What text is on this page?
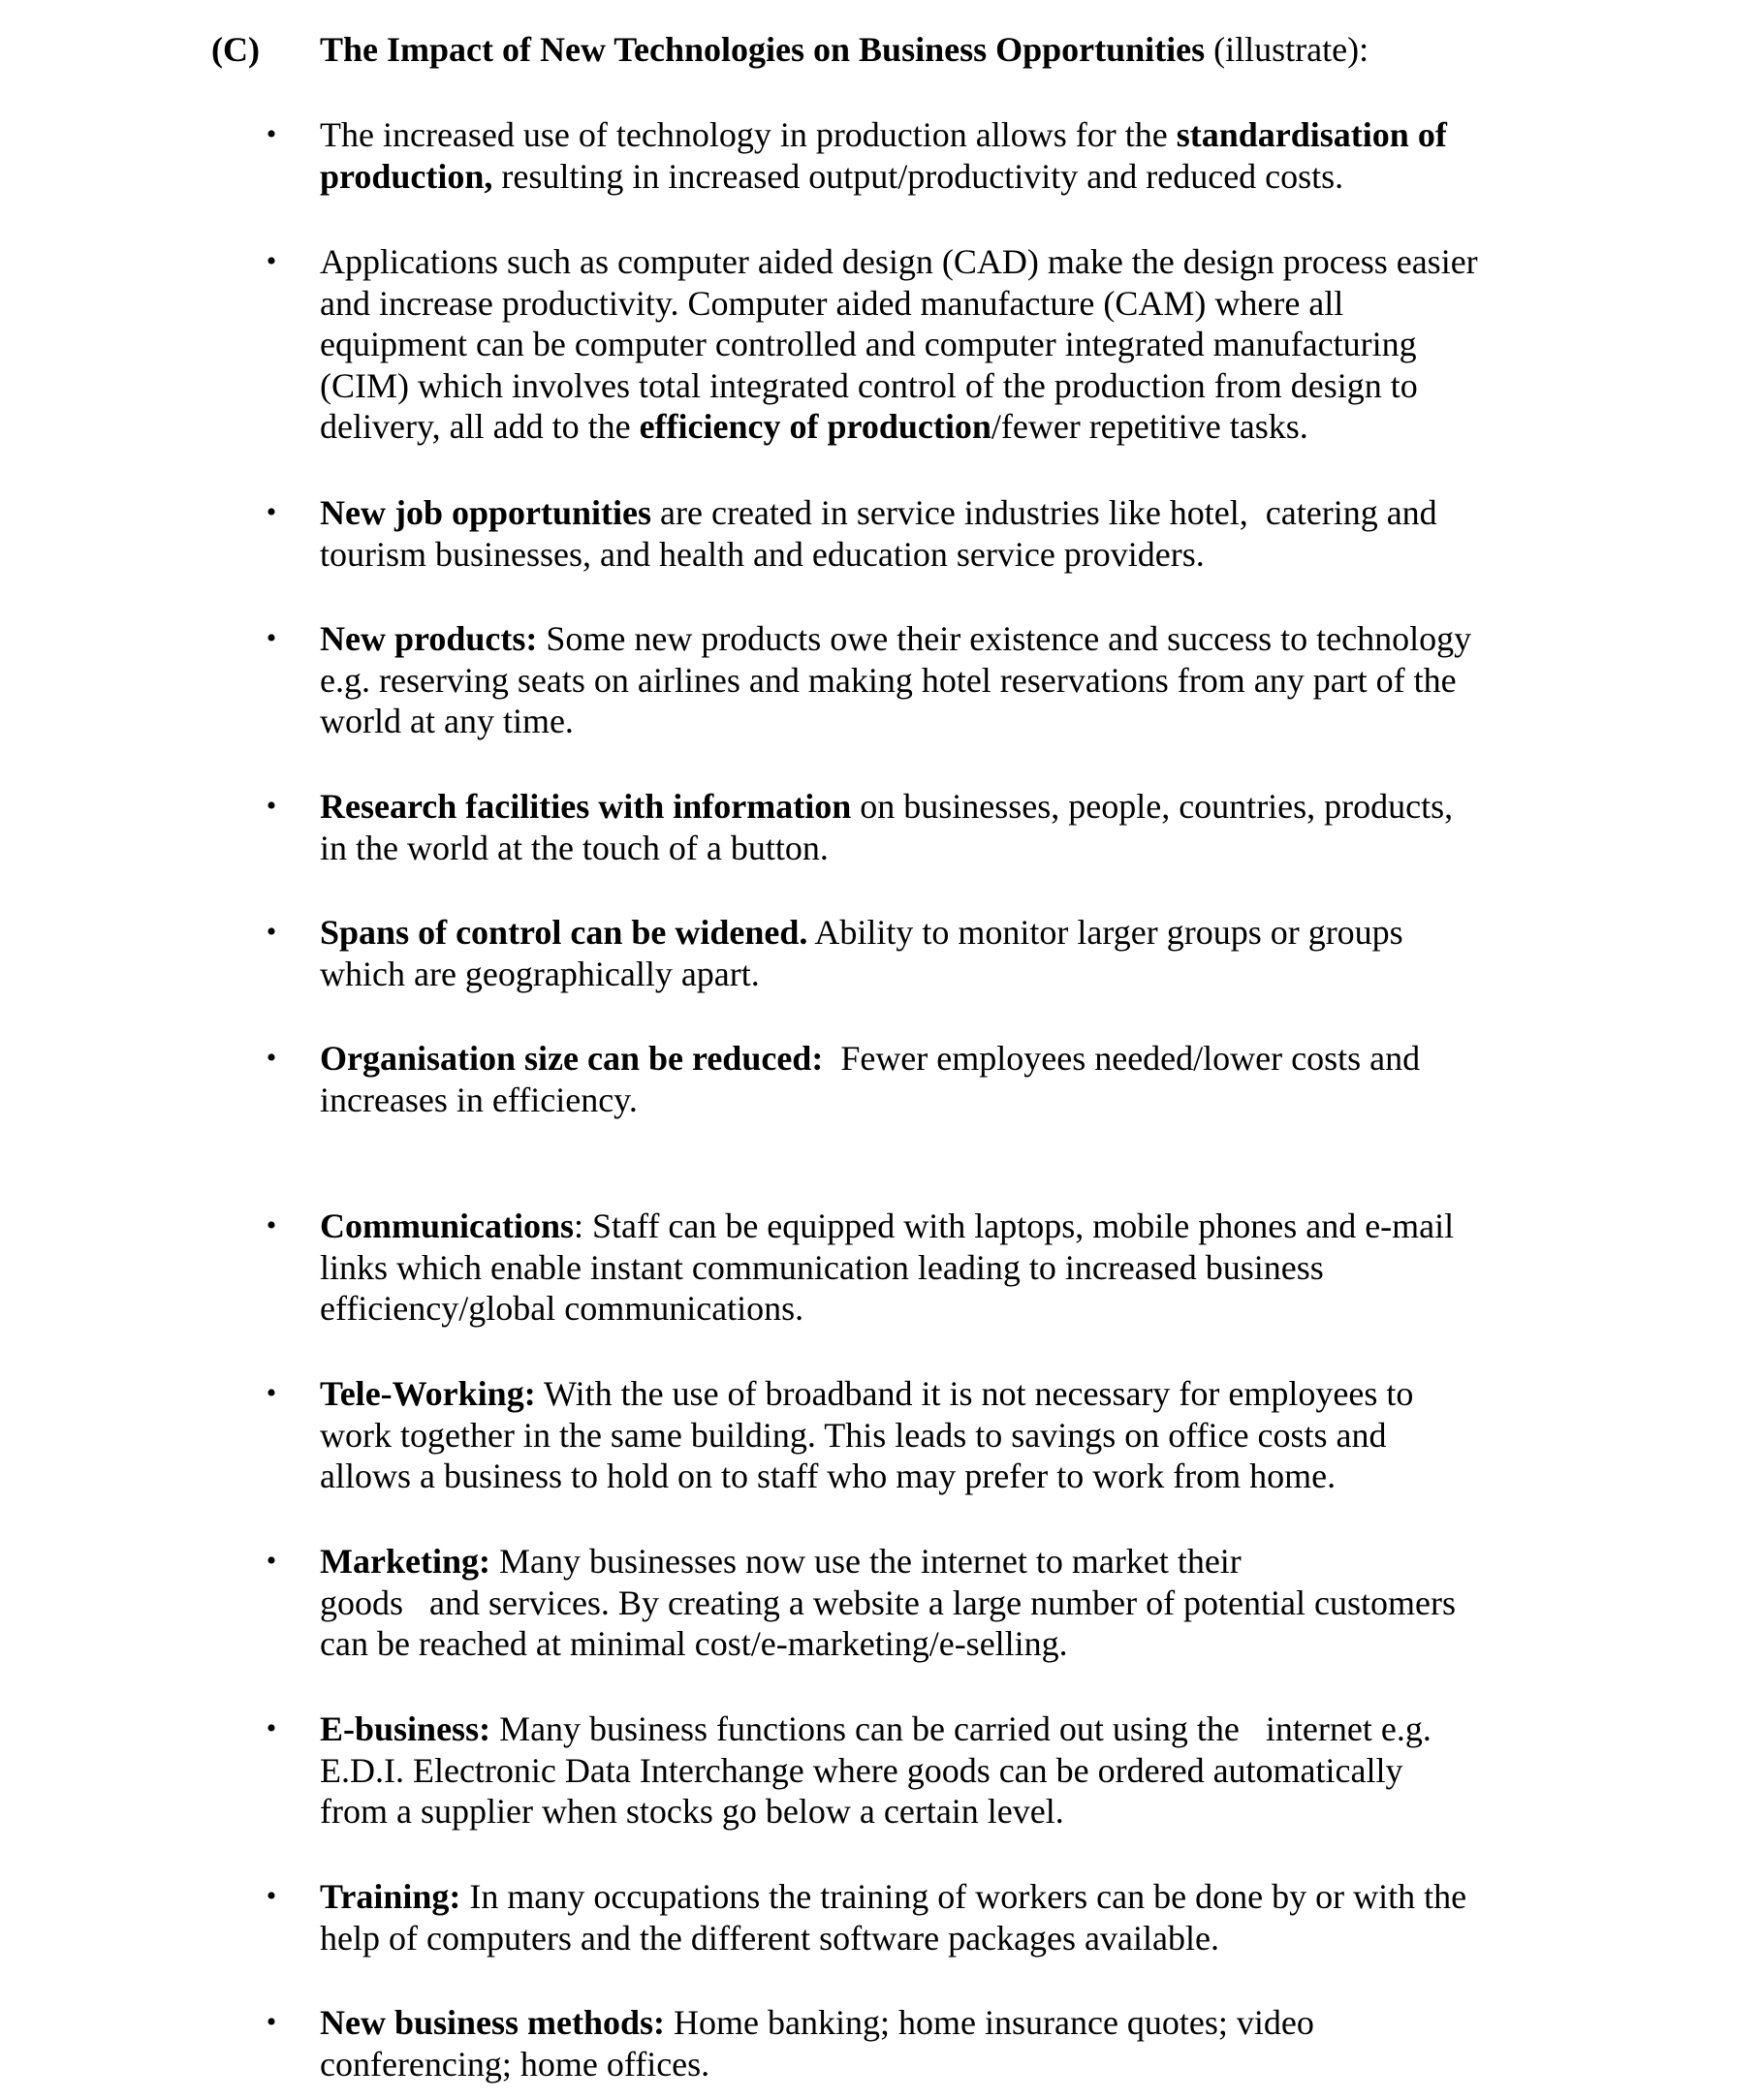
(C) The Impact of New Technologies on Business Opportunities (illustrate):
• The increased use of technology in production allows for the standardisation of
production, resulting in increased output/productivity and reduced costs.
• Applications such as computer aided design (CAD) make the design process easier
and increase productivity. Computer aided manufacture (CAM) where all
equipment can be computer controlled and computer integrated manufacturing
(CIM) which involves total integrated control of the production from design to
delivery, all add to the efficiency of production/fewer repetitive tasks.
• New job opportunities are created in service industries like hotel,  catering and
tourism businesses, and health and education service providers.
• New products: Some new products owe their existence and success to technology
e.g. reserving seats on airlines and making hotel reservations from any part of the
world at any time.
• Research facilities with information on businesses, people, countries, products,
in the world at the touch of a button.
• Spans of control can be widened. Ability to monitor larger groups or groups
which are geographically apart.
• Organisation size can be reduced:  Fewer employees needed/lower costs and
increases in efficiency.
• Communications: Staff can be equipped with laptops, mobile phones and e-mail
links which enable instant communication leading to increased business
efficiency/global communications.
• Tele-Working: With the use of broadband it is not necessary for employees to
work together in the same building. This leads to savings on office costs and
allows a business to hold on to staff who may prefer to work from home.
• Marketing: Many businesses now use the internet to market their
goods   and services. By creating a website a large number of potential customers
can be reached at minimal cost/e-marketing/e-selling.
• E-business: Many business functions can be carried out using the   internet e.g.
E.D.I. Electronic Data Interchange where goods can be ordered automatically
from a supplier when stocks go below a certain level.
• Training: In many occupations the training of workers can be done by or with the
help of computers and the different software packages available.
• New business methods: Home banking; home insurance quotes; video
conferencing; home offices.
